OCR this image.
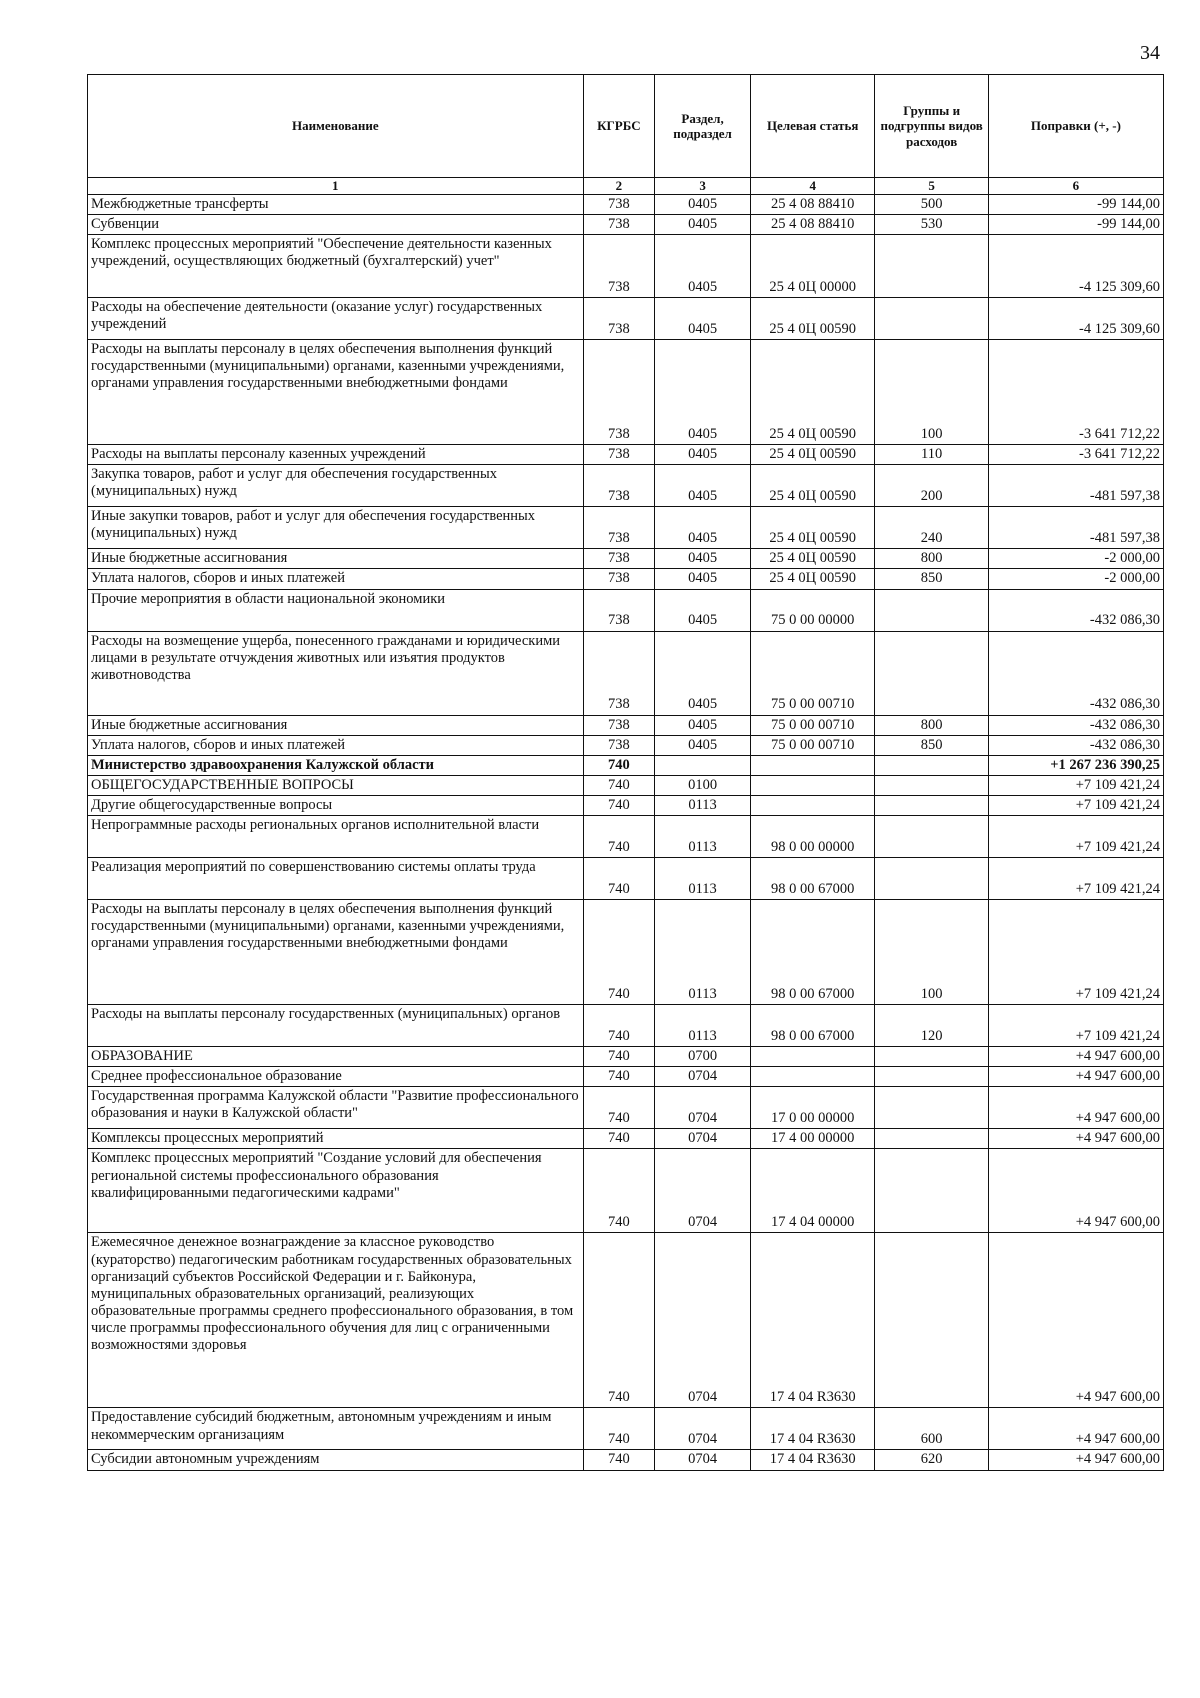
34
Наименование	КГРБС	Раздел, подраздел	Целевая статья	Группы и подгруппы видов расходов	Поправки (+, -)
1	2	3	4	5	6
Межбюджетные трансферты	738	0405	25 4 08 88410	500	-99 144,00
Субвенции	738	0405	25 4 08 88410	530	-99 144,00
Комплекс процессных мероприятий "Обеспечение деятельности казенных учреждений, осуществляющих бюджетный (бухгалтерский) учет"	738	0405	25 4 0Ц 00000		-4 125 309,60
Расходы на обеспечение деятельности (оказание услуг) государственных учреждений	738	0405	25 4 0Ц 00590		-4 125 309,60
Расходы на выплаты персоналу в целях обеспечения выполнения функций государственными (муниципальными) органами, казенными учреждениями, органами управления государственными внебюджетными фондами	738	0405	25 4 0Ц 00590	100	-3 641 712,22
Расходы на выплаты персоналу казенных учреждений	738	0405	25 4 0Ц 00590	110	-3 641 712,22
Закупка товаров, работ и услуг для обеспечения государственных (муниципальных) нужд	738	0405	25 4 0Ц 00590	200	-481 597,38
Иные закупки товаров, работ и услуг для обеспечения государственных (муниципальных) нужд	738	0405	25 4 0Ц 00590	240	-481 597,38
Иные бюджетные ассигнования	738	0405	25 4 0Ц 00590	800	-2 000,00
Уплата налогов, сборов и иных платежей	738	0405	25 4 0Ц 00590	850	-2 000,00
Прочие мероприятия в области национальной экономики	738	0405	75 0 00 00000		-432 086,30
Расходы на возмещение ущерба, понесенного гражданами и юридическими лицами в результате отчуждения животных или изъятия продуктов животноводства	738	0405	75 0 00 00710		-432 086,30
Иные бюджетные ассигнования	738	0405	75 0 00 00710	800	-432 086,30
Уплата налогов, сборов и иных платежей	738	0405	75 0 00 00710	850	-432 086,30
Министерство здравоохранения Калужской области	740				+1 267 236 390,25
ОБЩЕГОСУДАРСТВЕННЫЕ ВОПРОСЫ	740	0100			+7 109 421,24
Другие общегосударственные вопросы	740	0113			+7 109 421,24
Непрограммные расходы региональных органов исполнительной власти	740	0113	98 0 00 00000		+7 109 421,24
Реализация мероприятий по совершенствованию системы оплаты труда	740	0113	98 0 00 67000		+7 109 421,24
Расходы на выплаты персоналу в целях обеспечения выполнения функций государственными (муниципальными) органами, казенными учреждениями, органами управления государственными внебюджетными фондами	740	0113	98 0 00 67000	100	+7 109 421,24
Расходы на выплаты персоналу государственных (муниципальных) органов	740	0113	98 0 00 67000	120	+7 109 421,24
ОБРАЗОВАНИЕ	740	0700			+4 947 600,00
Среднее профессиональное образование	740	0704			+4 947 600,00
Государственная программа Калужской области "Развитие профессионального образования и науки в Калужской области"	740	0704	17 0 00 00000		+4 947 600,00
Комплексы процессных мероприятий	740	0704	17 4 00 00000		+4 947 600,00
Комплекс процессных мероприятий "Создание условий для обеспечения региональной системы профессионального образования квалифицированными педагогическими кадрами"	740	0704	17 4 04 00000		+4 947 600,00
Ежемесячное денежное вознаграждение за классное руководство (кураторство) педагогическим работникам государственных образовательных организаций субъектов Российской Федерации и г. Байконура, муниципальных образовательных организаций, реализующих образовательные программы среднего профессионального образования, в том числе программы профессионального обучения для лиц с ограниченными возможностями здоровья	740	0704	17 4 04 R3630		+4 947 600,00
Предоставление субсидий бюджетным, автономным учреждениям и иным некоммерческим организациям	740	0704	17 4 04 R3630	600	+4 947 600,00
Субсидии автономным учреждениям	740	0704	17 4 04 R3630	620	+4 947 600,00
